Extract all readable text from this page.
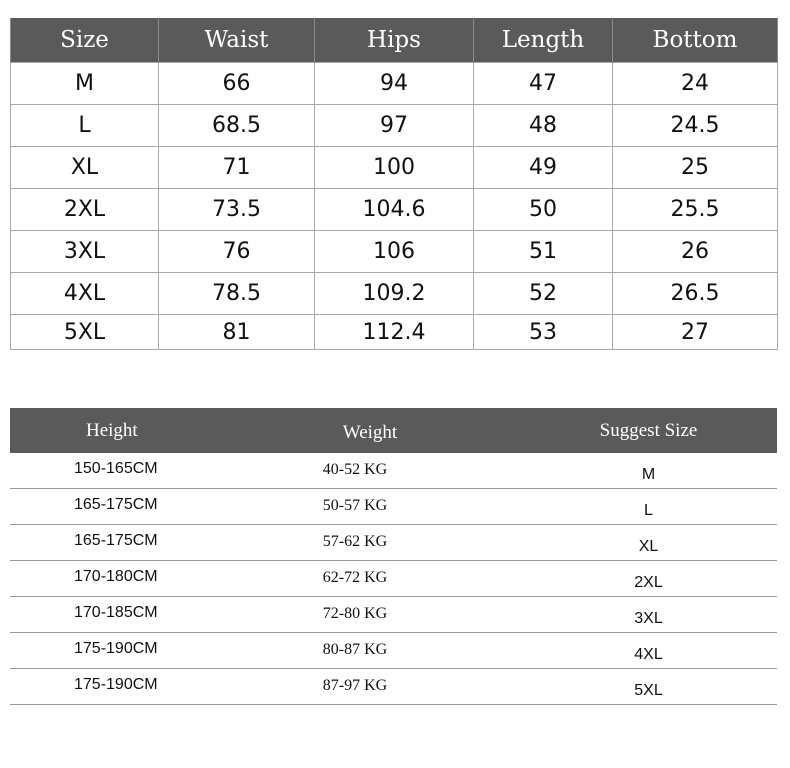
Size	Waist	Hips	Length	Bottom
M	66	94	47	24
L	68.5	97	48	24.5
XL	71	100	49	25
2XL	73.5	104.6	50	25.5
3XL	76	106	51	26
4XL	78.5	109.2	52	26.5
5XL	81	112.4	53	27
Height	Weight	Suggest Size
150-165CM	40-52 KG	M
165-175CM	50-57 KG	L
165-175CM	57-62 KG	XL
170-180CM	62-72 KG	2XL
170-185CM	72-80 KG	3XL
175-190CM	80-87 KG	4XL
175-190CM	87-97 KG	5XL
